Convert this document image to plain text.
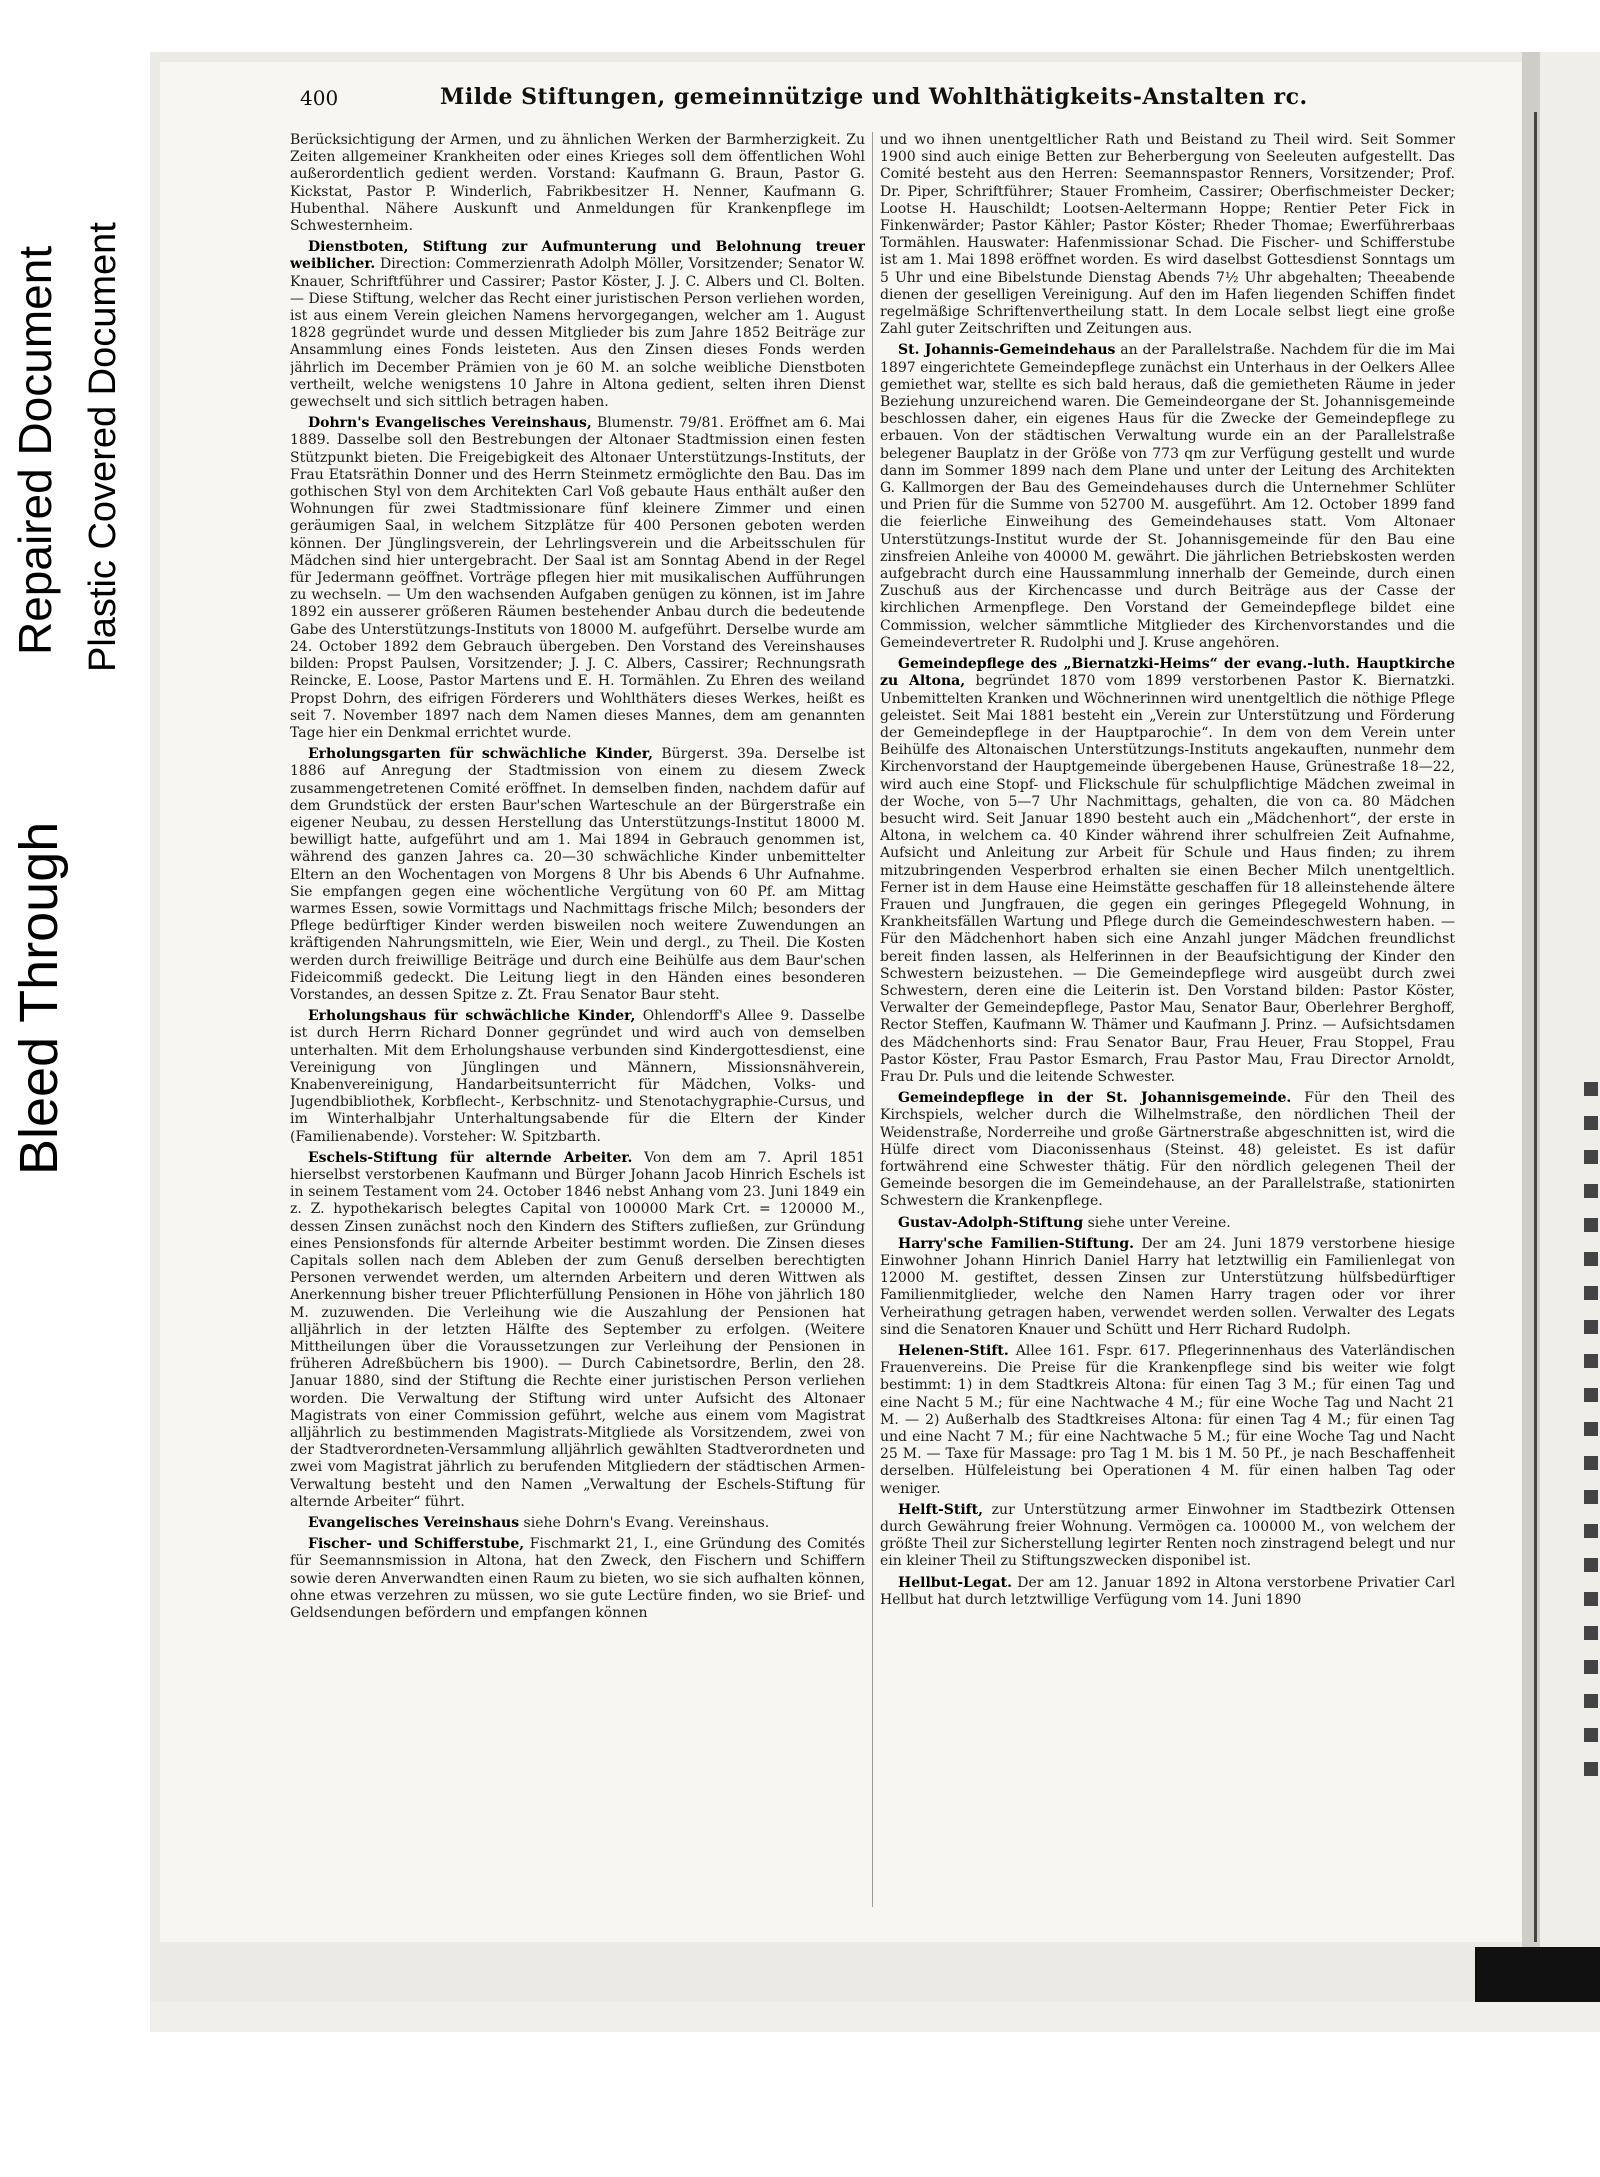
Bleed Through
Repaired Document Plastic Covered Document
400	Milde Stiftungen, gemeinnützige und Wohlthätigkeits-Anstalten rc.

Berücksichtigung der Armen, und zu ähnlichen Werken der Barmherzigkeit. Zu Zeiten allgemeiner Krankheiten oder eines Krieges soll dem öffentlichen Wohl außerordentlich gedient werden. Vorstand: Kaufmann G. Braun, Pastor G. Kickstat, Pastor P. Winderlich, Fabrikbesitzer H. Nenner, Kaufmann G. Hubenthal. Nähere Auskunft und Anmeldungen für Krankenpflege im Schwesternheim.

Dienstboten, Stiftung zur Aufmunterung und Belohnung treuer weiblicher. Direction: Commerzienrath Adolph Möller, Vorsitzender; Senator W. Knauer, Schriftführer und Cassirer; Pastor Köster, J. J. C. Albers und Cl. Bolten. — Diese Stiftung, welcher das Recht einer juristischen Person verliehen worden, ist aus einem Verein gleichen Namens hervorgegangen, welcher am 1. August 1828 gegründet wurde und dessen Mitglieder bis zum Jahre 1852 Beiträge zur Ansammlung eines Fonds leisteten. Aus den Zinsen dieses Fonds werden jährlich im December Prämien von je 60 M. an solche weibliche Dienstboten vertheilt, welche wenigstens 10 Jahre in Altona gedient, selten ihren Dienst gewechselt und sich sittlich betragen haben.

Dohrn's Evangelisches Vereinshaus, Blumenstr. 79/81. Eröffnet am 6. Mai 1889. Dasselbe soll den Bestrebungen der Altonaer Stadtmission einen festen Stützpunkt bieten. Die Freigebigkeit des Altonaer Unterstützungs-Instituts, der Frau Etatsräthin Donner und des Herrn Steinmetz ermöglichte den Bau. Das im gothischen Styl von dem Architekten Carl Voß gebaute Haus enthält außer den Wohnungen für zwei Stadtmissionare fünf kleinere Zimmer und einen geräumigen Saal, in welchem Sitzplätze für 400 Personen geboten werden können. Der Jünglingsverein, der Lehrlingsverein und die Arbeitsschulen für Mädchen sind hier untergebracht. Der Saal ist am Sonntag Abend in der Regel für Jedermann geöffnet. Vorträge pflegen hier mit musikalischen Aufführungen zu wechseln. — Um den wachsenden Aufgaben genügen zu können, ist im Jahre 1892 ein ausserer größeren Räumen bestehender Anbau durch die bedeutende Gabe des Unterstützungs-Instituts von 18000 M. aufgeführt. Derselbe wurde am 24. October 1892 dem Gebrauch übergeben. Den Vorstand des Vereinshauses bilden: Propst Paulsen, Vorsitzender; J. J. C. Albers, Cassirer; Rechnungsrath Reincke, E. Loose, Pastor Martens und E. H. Tormählen. Zu Ehren des weiland Propst Dohrn, des eifrigen Förderers und Wohlthäters dieses Werkes, heißt es seit 7. November 1897 nach dem Namen dieses Mannes, dem am genannten Tage hier ein Denkmal errichtet wurde.

Erholungsgarten für schwächliche Kinder, Bürgerst. 39a. Derselbe ist 1886 auf Anregung der Stadtmission von einem zu diesem Zweck zusammengetretenen Comité eröffnet. In demselben finden, nachdem dafür auf dem Grundstück der ersten Baur'schen Warteschule an der Bürgerstraße ein eigener Neubau, zu dessen Herstellung das Unterstützungs-Institut 18000 M. bewilligt hatte, aufgeführt und am 1. Mai 1894 in Gebrauch genommen ist, während des ganzen Jahres ca. 20—30 schwächliche Kinder unbemittelter Eltern an den Wochentagen von Morgens 8 Uhr bis Abends 6 Uhr Aufnahme. Sie empfangen gegen eine wöchentliche Vergütung von 60 Pf. am Mittag warmes Essen, sowie Vormittags und Nachmittags frische Milch; besonders der Pflege bedürftiger Kinder werden bisweilen noch weitere Zuwendungen an kräftigenden Nahrungsmitteln, wie Eier, Wein und dergl., zu Theil. Die Kosten werden durch freiwillige Beiträge und durch eine Beihülfe aus dem Baur'schen Fideicommiß gedeckt. Die Leitung liegt in den Händen eines besonderen Vorstandes, an dessen Spitze z. Zt. Frau Senator Baur steht.

Erholungshaus für schwächliche Kinder, Ohlendorff's Allee 9. Dasselbe ist durch Herrn Richard Donner gegründet und wird auch von demselben unterhalten. Mit dem Erholungshause verbunden sind Kindergottesdienst, eine Vereinigung von Jünglingen und Männern, Missionsnähverein, Knabenvereinigung, Handarbeitsunterricht für Mädchen, Volks- und Jugendbibliothek, Korbflecht-, Kerbschnitz- und Stenotachygraphie-Cursus, und im Winterhalbjahr Unterhaltungsabende für die Eltern der Kinder (Familienabende). Vorsteher: W. Spitzbarth.

Eschels-Stiftung für alternde Arbeiter. Von dem am 7. April 1851 hierselbst verstorbenen Kaufmann und Bürger Johann Jacob Hinrich Eschels ist in seinem Testament vom 24. October 1846 nebst Anhang vom 23. Juni 1849 ein z. Z. hypothekarisch belegtes Capital von 100000 Mark Crt. = 120000 M., dessen Zinsen zunächst noch den Kindern des Stifters zufließen, zur Gründung eines Pensionsfonds für alternde Arbeiter bestimmt worden. Die Zinsen dieses Capitals sollen nach dem Ableben der zum Genuß derselben berechtigten Personen verwendet werden, um alternden Arbeitern und deren Wittwen als Anerkennung bisher treuer Pflichterfüllung Pensionen in Höhe von jährlich 180 M. zuzuwenden. Die Verleihung wie die Auszahlung der Pensionen hat alljährlich in der letzten Hälfte des September zu erfolgen. (Weitere Mittheilungen über die Voraussetzungen zur Verleihung der Pensionen in früheren Adreßbüchern bis 1900). — Durch Cabinetsordre, Berlin, den 28. Januar 1880, sind der Stiftung die Rechte einer juristischen Person verliehen worden. Die Verwaltung der Stiftung wird unter Aufsicht des Altonaer Magistrats von einer Commission geführt, welche aus einem vom Magistrat alljährlich zu bestimmenden Magistrats-Mitgliede als Vorsitzendem, zwei von der Stadtverordneten-Versammlung alljährlich gewählten Stadtverordneten und zwei vom Magistrat jährlich zu berufenden Mitgliedern der städtischen Armen-Verwaltung besteht und den Namen „Verwaltung der Eschels-Stiftung für alternde Arbeiter“ führt.

Evangelisches Vereinshaus siehe Dohrn's Evang. Vereinshaus.

Fischer- und Schifferstube, Fischmarkt 21, I., eine Gründung des Comités für Seemannsmission in Altona, hat den Zweck, den Fischern und Schiffern sowie deren Anverwandten einen Raum zu bieten, wo sie sich aufhalten können, ohne etwas verzehren zu müssen, wo sie gute Lectüre finden, wo sie Brief- und Geldsendungen befördern und empfangen können

und wo ihnen unentgeltlicher Rath und Beistand zu Theil wird. Seit Sommer 1900 sind auch einige Betten zur Beherbergung von Seeleuten aufgestellt. Das Comité besteht aus den Herren: Seemannspastor Renners, Vorsitzender; Prof. Dr. Piper, Schriftführer; Stauer Fromheim, Cassirer; Oberfischmeister Decker; Lootse H. Hauschildt; Lootsen-Aeltermann Hoppe; Rentier Peter Fick in Finkenwärder; Pastor Kähler; Pastor Köster; Rheder Thomae; Ewerführerbaas Tormählen. Hauswater: Hafenmissionar Schad. Die Fischer- und Schifferstube ist am 1. Mai 1898 eröffnet worden. Es wird daselbst Gottesdienst Sonntags um 5 Uhr und eine Bibelstunde Dienstag Abends 7½ Uhr abgehalten; Theeabende dienen der geselligen Vereinigung. Auf den im Hafen liegenden Schiffen findet regelmäßige Schriftenvertheilung statt. In dem Locale selbst liegt eine große Zahl guter Zeitschriften und Zeitungen aus.

St. Johannis-Gemeindehaus an der Parallelstraße. Nachdem für die im Mai 1897 eingerichtete Gemeindepflege zunächst ein Unterhaus in der Oelkers Allee gemiethet war, stellte es sich bald heraus, daß die gemietheten Räume in jeder Beziehung unzureichend waren. Die Gemeindeorgane der St. Johannisgemeinde beschlossen daher, ein eigenes Haus für die Zwecke der Gemeindepflege zu erbauen. Von der städtischen Verwaltung wurde ein an der Parallelstraße belegener Bauplatz in der Größe von 773 qm zur Verfügung gestellt und wurde dann im Sommer 1899 nach dem Plane und unter der Leitung des Architekten G. Kallmorgen der Bau des Gemeindehauses durch die Unternehmer Schlüter und Prien für die Summe von 52700 M. ausgeführt. Am 12. October 1899 fand die feierliche Einweihung des Gemeindehauses statt. Vom Altonaer Unterstützungs-Institut wurde der St. Johannisgemeinde für den Bau eine zinsfreien Anleihe von 40000 M. gewährt. Die jährlichen Betriebskosten werden aufgebracht durch eine Haussammlung innerhalb der Gemeinde, durch einen Zuschuß aus der Kirchencasse und durch Beiträge aus der Casse der kirchlichen Armenpflege. Den Vorstand der Gemeindepflege bildet eine Commission, welcher sämmtliche Mitglieder des Kirchenvorstandes und die Gemeindevertreter R. Rudolphi und J. Kruse angehören.

Gemeindepflege des „Biernatzki-Heims“ der evang.-luth. Hauptkirche zu Altona, begründet 1870 vom 1899 verstorbenen Pastor K. Biernatzki. Unbemittelten Kranken und Wöchnerinnen wird unentgeltlich die nöthige Pflege geleistet. Seit Mai 1881 besteht ein „Verein zur Unterstützung und Förderung der Gemeindepflege in der Hauptparochie“. In dem von dem Verein unter Beihülfe des Altonaischen Unterstützungs-Instituts angekauften, nunmehr dem Kirchenvorstand der Hauptgemeinde übergebenen Hause, Grünestraße 18—22, wird auch eine Stopf- und Flickschule für schulpflichtige Mädchen zweimal in der Woche, von 5—7 Uhr Nachmittags, gehalten, die von ca. 80 Mädchen besucht wird. Seit Januar 1890 besteht auch ein „Mädchenhort“, der erste in Altona, in welchem ca. 40 Kinder während ihrer schulfreien Zeit Aufnahme, Aufsicht und Anleitung zur Arbeit für Schule und Haus finden; zu ihrem mitzubringenden Vesperbrod erhalten sie einen Becher Milch unentgeltlich. Ferner ist in dem Hause eine Heimstätte geschaffen für 18 alleinstehende ältere Frauen und Jungfrauen, die gegen ein geringes Pflegegeld Wohnung, in Krankheitsfällen Wartung und Pflege durch die Gemeindeschwestern haben. — Für den Mädchenhort haben sich eine Anzahl junger Mädchen freundlichst bereit finden lassen, als Helferinnen in der Beaufsichtigung der Kinder den Schwestern beizustehen. — Die Gemeindepflege wird ausgeübt durch zwei Schwestern, deren eine die Leiterin ist. Den Vorstand bilden: Pastor Köster, Verwalter der Gemeindepflege, Pastor Mau, Senator Baur, Oberlehrer Berghoff, Rector Steffen, Kaufmann W. Thämer und Kaufmann J. Prinz. — Aufsichtsdamen des Mädchenhorts sind: Frau Senator Baur, Frau Heuer, Frau Stoppel, Frau Pastor Köster, Frau Pastor Esmarch, Frau Pastor Mau, Frau Director Arnoldt, Frau Dr. Puls und die leitende Schwester.

Gemeindepflege in der St. Johannisgemeinde. Für den Theil des Kirchspiels, welcher durch die Wilhelmstraße, den nördlichen Theil der Weidenstraße, Norderreihe und große Gärtnerstraße abgeschnitten ist, wird die Hülfe direct vom Diaconissenhaus (Steinst. 48) geleistet. Es ist dafür fortwährend eine Schwester thätig. Für den nördlich gelegenen Theil der Gemeinde besorgen die im Gemeindehause, an der Parallelstraße, stationirten Schwestern die Krankenpflege.

Gustav-Adolph-Stiftung siehe unter Vereine.

Harry'sche Familien-Stiftung. Der am 24. Juni 1879 verstorbene hiesige Einwohner Johann Hinrich Daniel Harry hat letztwillig ein Familienlegat von 12000 M. gestiftet, dessen Zinsen zur Unterstützung hülfsbedürftiger Familienmitglieder, welche den Namen Harry tragen oder vor ihrer Verheirathung getragen haben, verwendet werden sollen. Verwalter des Legats sind die Senatoren Knauer und Schütt und Herr Richard Rudolph.

Helenen-Stift. Allee 161. Fspr. 617. Pflegerinnenhaus des Vaterländischen Frauenvereins. Die Preise für die Krankenpflege sind bis weiter wie folgt bestimmt: 1) in dem Stadtkreis Altona: für einen Tag 3 M.; für einen Tag und eine Nacht 5 M.; für eine Nachtwache 4 M.; für eine Woche Tag und Nacht 21 M. — 2) Außerhalb des Stadtkreises Altona: für einen Tag 4 M.; für einen Tag und eine Nacht 7 M.; für eine Nachtwache 5 M.; für eine Woche Tag und Nacht 25 M. — Taxe für Massage: pro Tag 1 M. bis 1 M. 50 Pf., je nach Beschaffenheit derselben. Hülfeleistung bei Operationen 4 M. für einen halben Tag oder weniger.

Helft-Stift, zur Unterstützung armer Einwohner im Stadtbezirk Ottensen durch Gewährung freier Wohnung. Vermögen ca. 100000 M., von welchem der größte Theil zur Sicherstellung legirter Renten noch zinstragend belegt und nur ein kleiner Theil zu Stiftungszwecken disponibel ist.

Hellbut-Legat. Der am 12. Januar 1892 in Altona verstorbene Privatier Carl Hellbut hat durch letztwillige Verfügung vom 14. Juni 1890
